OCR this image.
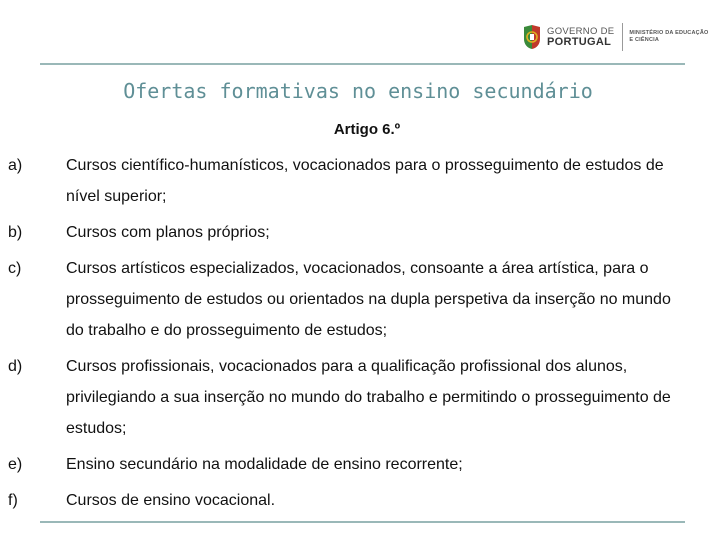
GOVERNO DE
PORTUGAL
MINISTÉRIO DA EDUCAÇÃO
E CIÊNCIA
Ofertas formativas no ensino secundário
Artigo 6.º
a)	Cursos científico-humanísticos, vocacionados para o prosseguimento de estudos de nível superior;
b)	Cursos com planos próprios;
c)	Cursos artísticos especializados, vocacionados, consoante a área artística, para o prosseguimento de estudos ou orientados na dupla perspetiva da inserção no mundo do trabalho e do prosseguimento de estudos;
d)	Cursos profissionais, vocacionados para a qualificação profissional dos alunos, privilegiando a sua inserção no mundo do trabalho e permitindo o prosseguimento de estudos;
e)	Ensino secundário na modalidade de ensino recorrente;
f)	Cursos de ensino vocacional.
